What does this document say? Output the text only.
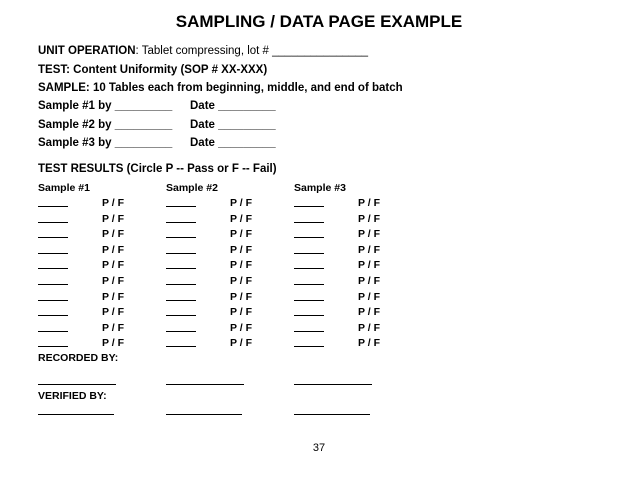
SAMPLING / DATA PAGE EXAMPLE
UNIT OPERATION: Tablet compressing, lot # _______________
TEST: Content Uniformity (SOP # XX-XXX)
SAMPLE: 10 Tables each from beginning, middle, and end of batch
Sample #1 by _________ Date _________
Sample #2 by _________ Date _________
Sample #3 by _________ Date _________
TEST RESULTS (Circle P -- Pass or F -- Fail)
Sample #1	Sample #2	Sample #3
P / F	P / F	P / F
P / F	P / F	P / F
P / F	P / F	P / F
P / F	P / F	P / F
P / F	P / F	P / F
P / F	P / F	P / F
P / F	P / F	P / F
P / F	P / F	P / F
P / F	P / F	P / F
P / F	P / F	P / F
RECORDED BY:
VERIFIED BY:
37
